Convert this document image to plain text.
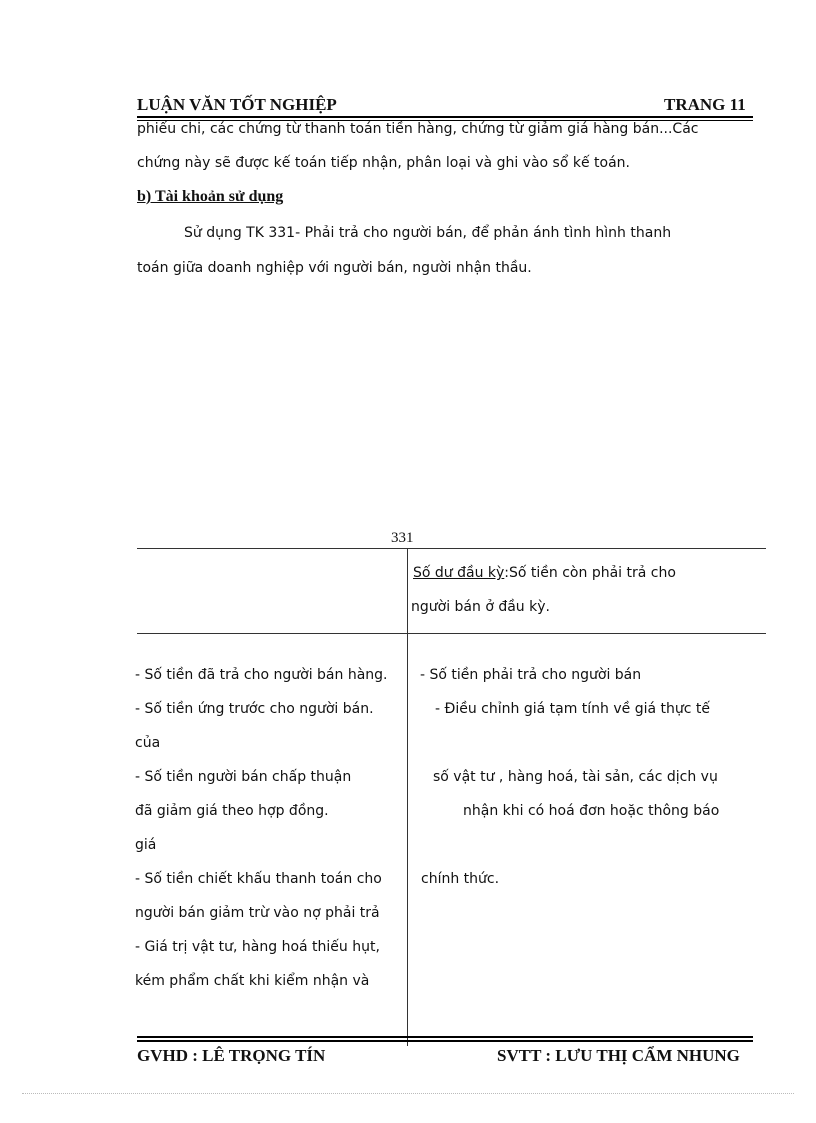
LUẬN VĂN TỐT NGHIỆP	TRANG 11
phiếu chi, các chứng từ thanh toán tiền hàng, chứng từ giảm giá hàng bán...Các
chứng này sẽ được kế toán tiếp nhận, phân loại và ghi vào sổ kế toán.
b) Tài khoản sử dụng
Sử dụng TK 331- Phải trả cho người bán, để phản ánh tình hình thanh
toán giữa doanh nghiệp với người bán, người nhận thầu.
331
Số dư đầu kỳ:Số tiền còn phải trả cho
người bán ở đầu kỳ.
- Số tiền đã trả cho người bán hàng.
- Số tiền ứng trước cho người bán.
của
- Số tiền người bán chấp thuận
đã giảm giá theo hợp đồng.
giá
- Số tiền chiết khấu thanh toán cho
người bán giảm trừ vào nợ phải trả
- Giá trị vật tư, hàng hoá thiếu hụt,
kém phẩm chất khi kiểm nhận và
- Số tiền phải trả cho người bán
- Điều chỉnh giá tạm tính về giá thực tế
số vật tư , hàng hoá, tài sản, các dịch vụ
nhận khi có hoá đơn hoặc thông báo
chính thức.
GVHD : LÊ TRỌNG TÍN	SVTT : LƯU THỊ CẨM NHUNG
